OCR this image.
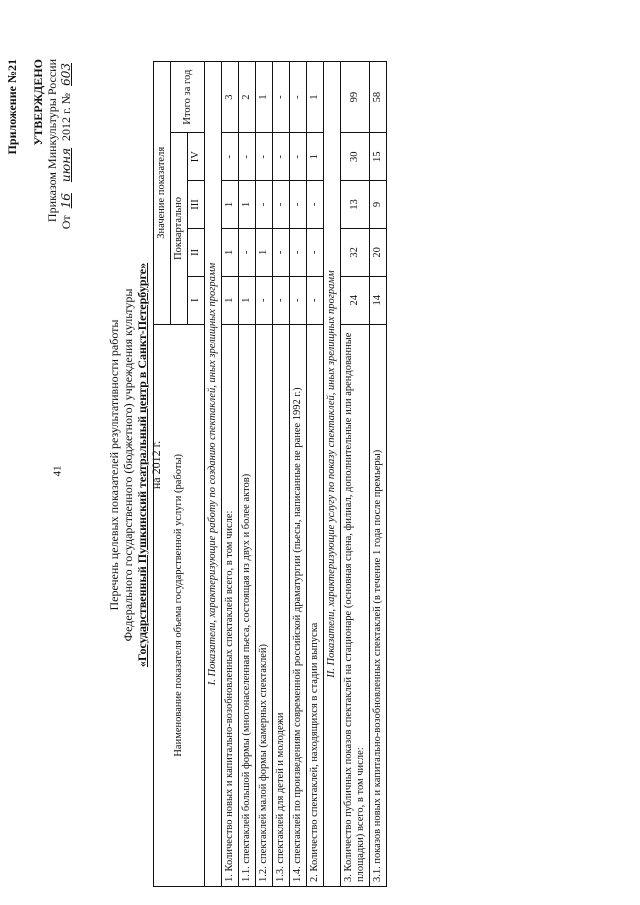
41
Приложение №21 УТВЕРЖДЕНО Приказом Минкультуры России
От 16 июня 2012 г. № 603
Перечень целевых показателей результативности работы Федерального государственного (бюджетного) учреждения культуры «Государственный Пушкинский театральный центр в Санкт-Петербурге» на 2012 г. Наименование показателя объема государственной услуги (работы)	Значение показателя				
	Поквартально				Итого за год
	I	II	III	IV	
I. Показатели, характеризующие работу по созданию спектаклей, иных зрелищных программ					
1. Количество новых и капитально-возобновленных спектаклей всего, в том числе:	1	1	1	-	3
1.1. спектаклей большой формы (многонаселенная пьеса, состоящая из двух и более актов)	1	-	1	-	2
1.2. спектаклей малой формы (камерных спектаклей)	-	1	-	-	1
1.3. спектаклей для детей и молодежи	-	-	-	-	-
1.4. спектаклей по произведениям современной российской драматургии (пьесы, написанные не ранее 1992 г.)	-	-	-	-	-
2. Количество спектаклей, находящихся в стадии выпуска	-	-	-	1	1
II. Показатели, характеризующие услугу по показу спектаклей, иных зрелищных программ					
3. Количество публичных показов спектаклей на стационаре (основная сцена, филиал, дополнительные или арендованные площадки) всего, в том числе:	24	32	13	30	99
3.1. показов новых и капитально-возобновленных спектаклей (в течение 1 года после премьеры)	14	20	9	15	58
